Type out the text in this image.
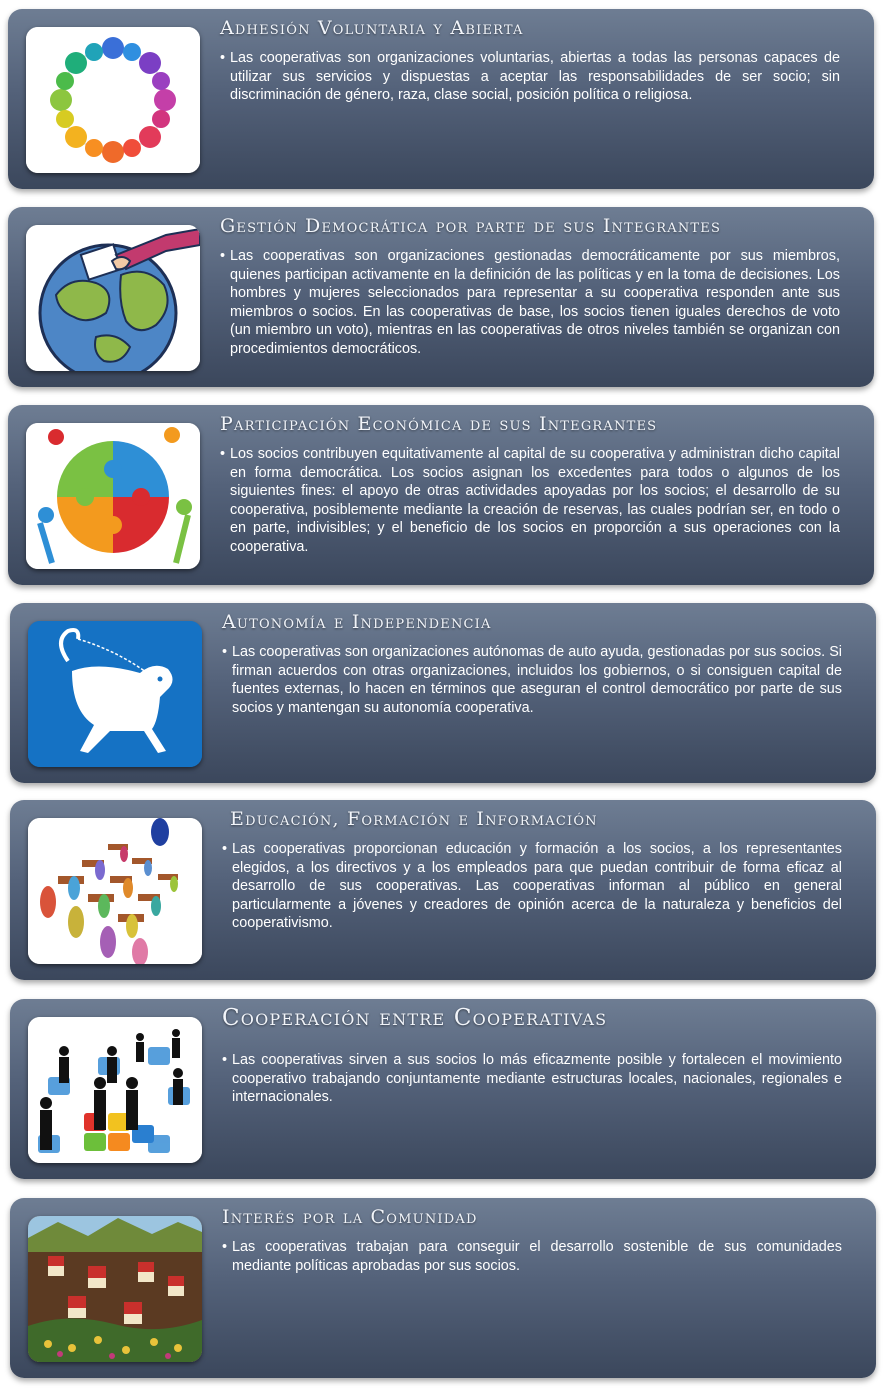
Adhesión Voluntaria y Abierta
• Las cooperativas son organizaciones voluntarias, abiertas a todas las personas capaces de utilizar sus servicios y dispuestas a aceptar las responsabilidades de ser socio; sin discriminación de género, raza, clase social, posición política o religiosa.
Gestión Democrática por parte de sus Integrantes
• Las cooperativas son organizaciones gestionadas democráticamente por sus miembros, quienes participan activamente en la definición de las políticas y en la toma de decisiones. Los hombres y mujeres seleccionados para representar a su cooperativa responden ante sus miembros o socios. En las cooperativas de base, los socios tienen iguales derechos de voto (un miembro un voto), mientras en las cooperativas de otros niveles también se organizan con procedimientos democráticos.
Participación Económica de sus Integrantes
• Los socios contribuyen equitativamente al capital de su cooperativa y administran dicho capital en forma democrática. Los socios asignan los excedentes para todos o algunos de los siguientes fines: el apoyo de otras actividades apoyadas por los socios; el desarrollo de su cooperativa, posiblemente mediante la creación de reservas, las cuales podrían ser, en todo o en parte, indivisibles; y el beneficio de los socios en proporción a sus operaciones con la cooperativa.
Autonomía e Independencia
• Las cooperativas son organizaciones autónomas de auto ayuda, gestionadas por sus socios. Si firman acuerdos con otras organizaciones, incluidos los gobiernos, o si consiguen capital de fuentes externas, lo hacen en términos que aseguran el control democrático por parte de sus socios y mantengan su autonomía cooperativa.
Educación, Formación e Información
• Las cooperativas proporcionan educación y formación a los socios, a los representantes elegidos, a los directivos y a los empleados para que puedan contribuir de forma eficaz al desarrollo de sus cooperativas. Las cooperativas informan al público en general particularmente a jóvenes y creadores de opinión acerca de la naturaleza y beneficios del cooperativismo.
Cooperación entre Cooperativas
• Las cooperativas sirven a sus socios lo más eficazmente posible y fortalecen el movimiento cooperativo trabajando conjuntamente mediante estructuras locales, nacionales, regionales e internacionales.
Interés por la Comunidad
• Las cooperativas trabajan para conseguir el desarrollo sostenible de sus comunidades mediante políticas aprobadas por sus socios.
